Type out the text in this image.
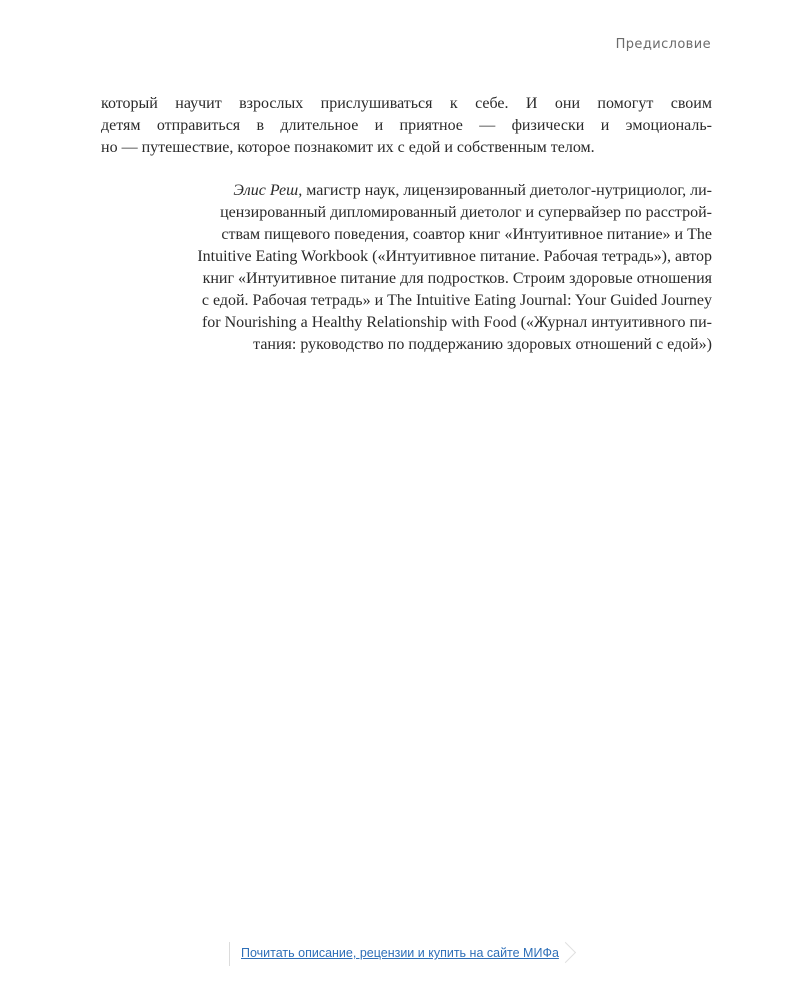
Предисловие
который научит взрослых прислушиваться к себе. И они помогут своим
детям отправиться в длительное и приятное — физически и эмоциональ-
но — путешествие, которое познакомит их с едой и собственным телом.
Элис Реш, магистр наук, лицензированный диетолог-нутрициолог, ли-
цензированный дипломированный диетолог и супервайзер по расстрой-
ствам пищевого поведения, соавтор книг «Интуитивное питание» и The
Intuitive Eating Workbook («Интуитивное питание. Рабочая тетрадь»), автор
книг «Интуитивное питание для подростков. Строим здоровые отношения
с едой. Рабочая тетрадь» и The Intuitive Eating Journal: Your Guided Journey
for Nourishing a Healthy Relationship with Food («Журнал интуитивного пи-
тания: руководство по поддержанию здоровых отношений с едой»)
Почитать описание, рецензии и купить на сайте МИФа
